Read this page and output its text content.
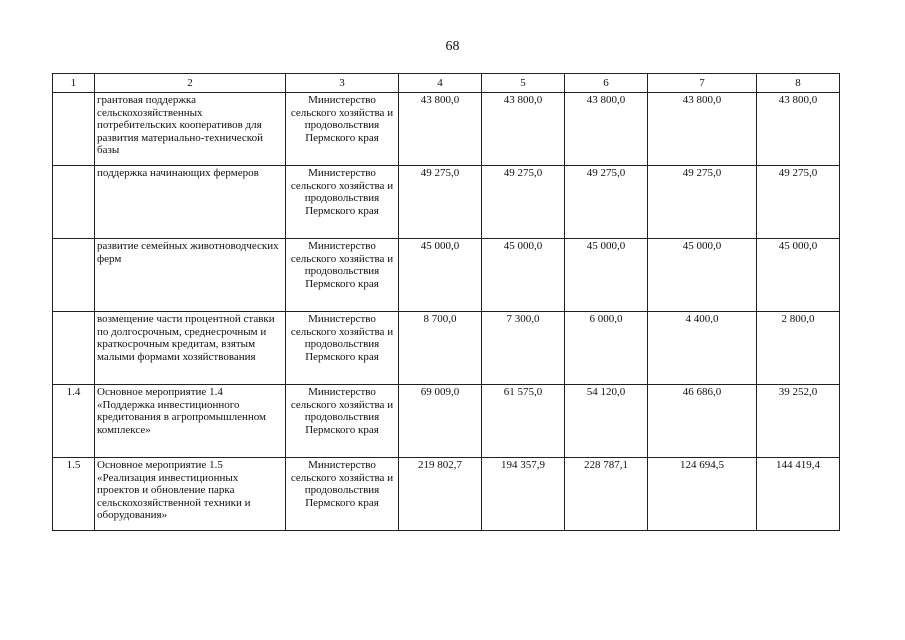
68
1	2	3	4	5	6	7	8
	грантовая поддержка сельскохозяйственных потребительских кооперативов для развития материально-технической базы	Министерство сельского хозяйства и продовольствия Пермского края	43 800,0	43 800,0	43 800,0	43 800,0	43 800,0
	поддержка начинающих фермеров	Министерство сельского хозяйства и продовольствия Пермского края	49 275,0	49 275,0	49 275,0	49 275,0	49 275,0
	развитие семейных животноводческих ферм	Министерство сельского хозяйства и продовольствия Пермского края	45 000,0	45 000,0	45 000,0	45 000,0	45 000,0
	возмещение части процентной ставки по долгосрочным, среднесрочным и краткосрочным кредитам, взятым малыми формами хозяйствования	Министерство сельского хозяйства и продовольствия Пермского края	8 700,0	7 300,0	6 000,0	4 400,0	2 800,0
1.4	Основное мероприятие 1.4 «Поддержка инвестиционного кредитования в агропромышленном комплексе»	Министерство сельского хозяйства и продовольствия Пермского края	69 009,0	61 575,0	54 120,0	46 686,0	39 252,0
1.5	Основное мероприятие 1.5 «Реализация инвестиционных проектов и обновление парка сельскохозяйственной техники и оборудования»	Министерство сельского хозяйства и продовольствия Пермского края	219 802,7	194 357,9	228 787,1	124 694,5	144 419,4
